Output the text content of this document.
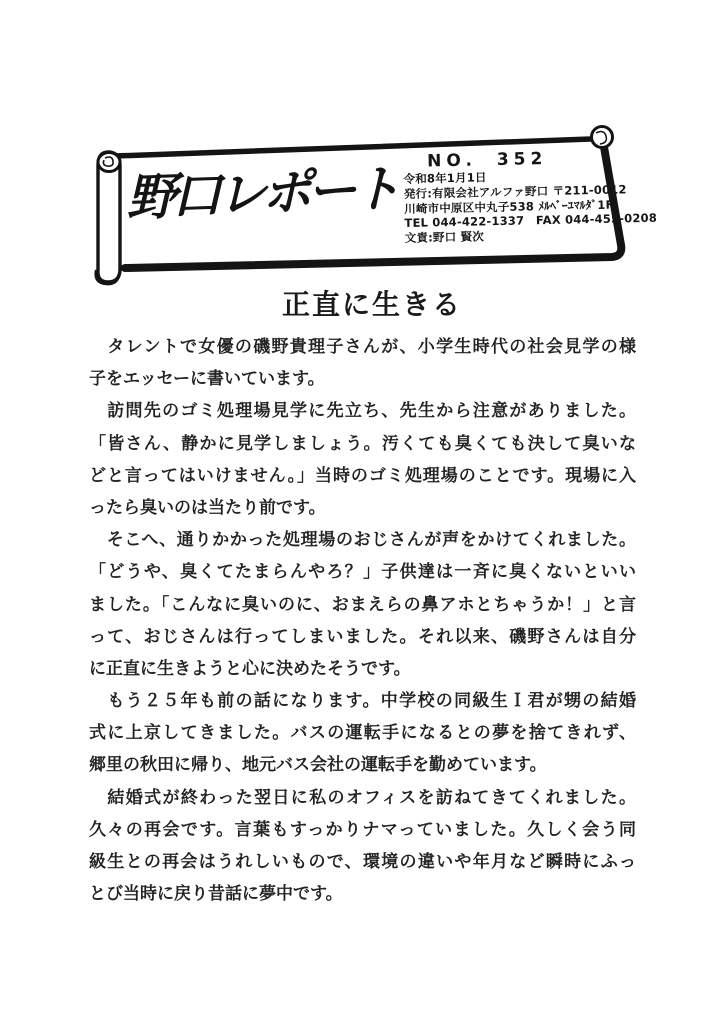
野口レポート	NO. 352
令和8年1月1日
発行:有限会社アルファ野口 〒211-0012
川崎市中原区中丸子538 ﾒﾙﾍﾞｰﾕﾏﾙﾀﾞ1F
TEL 044-422-1337　FAX 044-455-0208
文責:野口 賢次
正直に生きる
　タレントで女優の磯野貴理子さんが、小学生時代の社会見学の様
子をエッセーに書いています。
　訪問先のゴミ処理場見学に先立ち、先生から注意がありました。
「皆さん、静かに見学しましょう。汚くても臭くても決して臭いな
どと言ってはいけません。」当時のゴミ処理場のことです。現場に入
ったら臭いのは当たり前です。
　そこへ、通りかかった処理場のおじさんが声をかけてくれました。
「どうや、臭くてたまらんやろ？」子供達は一斉に臭くないといい
ました。「こんなに臭いのに、おまえらの鼻アホとちゃうか！」と言
って、おじさんは行ってしまいました。それ以来、磯野さんは自分
に正直に生きようと心に決めたそうです。
　もう２５年も前の話になります。中学校の同級生Ｉ君が甥の結婚
式に上京してきました。バスの運転手になるとの夢を捨てきれず、
郷里の秋田に帰り、地元バス会社の運転手を勤めています。
　結婚式が終わった翌日に私のオフィスを訪ねてきてくれました。
久々の再会です。言葉もすっかりナマっていました。久しく会う同
級生との再会はうれしいもので、環境の違いや年月など瞬時にふっ
とび当時に戻り昔話に夢中です。
